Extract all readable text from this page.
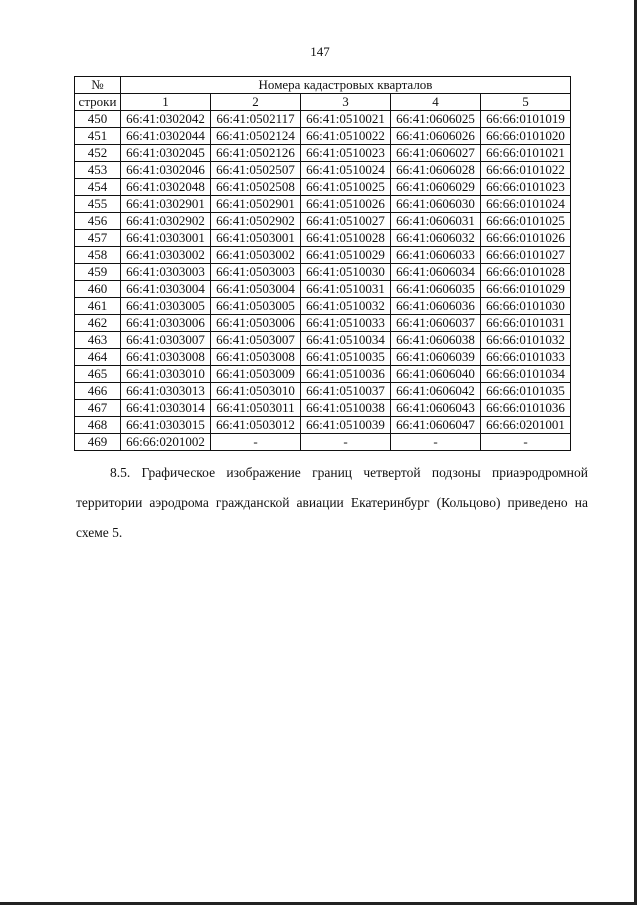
147
№	Номера кадастровых кварталов				
строки	1	2	3	4	5
450	66:41:0302042	66:41:0502117	66:41:0510021	66:41:0606025	66:66:0101019
451	66:41:0302044	66:41:0502124	66:41:0510022	66:41:0606026	66:66:0101020
452	66:41:0302045	66:41:0502126	66:41:0510023	66:41:0606027	66:66:0101021
453	66:41:0302046	66:41:0502507	66:41:0510024	66:41:0606028	66:66:0101022
454	66:41:0302048	66:41:0502508	66:41:0510025	66:41:0606029	66:66:0101023
455	66:41:0302901	66:41:0502901	66:41:0510026	66:41:0606030	66:66:0101024
456	66:41:0302902	66:41:0502902	66:41:0510027	66:41:0606031	66:66:0101025
457	66:41:0303001	66:41:0503001	66:41:0510028	66:41:0606032	66:66:0101026
458	66:41:0303002	66:41:0503002	66:41:0510029	66:41:0606033	66:66:0101027
459	66:41:0303003	66:41:0503003	66:41:0510030	66:41:0606034	66:66:0101028
460	66:41:0303004	66:41:0503004	66:41:0510031	66:41:0606035	66:66:0101029
461	66:41:0303005	66:41:0503005	66:41:0510032	66:41:0606036	66:66:0101030
462	66:41:0303006	66:41:0503006	66:41:0510033	66:41:0606037	66:66:0101031
463	66:41:0303007	66:41:0503007	66:41:0510034	66:41:0606038	66:66:0101032
464	66:41:0303008	66:41:0503008	66:41:0510035	66:41:0606039	66:66:0101033
465	66:41:0303010	66:41:0503009	66:41:0510036	66:41:0606040	66:66:0101034
466	66:41:0303013	66:41:0503010	66:41:0510037	66:41:0606042	66:66:0101035
467	66:41:0303014	66:41:0503011	66:41:0510038	66:41:0606043	66:66:0101036
468	66:41:0303015	66:41:0503012	66:41:0510039	66:41:0606047	66:66:0201001
469	66:66:0201002	-	-	-	-
8.5. Графическое изображение границ четвертой подзоны приаэродромной территории аэродрома гражданской авиации Екатеринбург (Кольцово) приведено на схеме 5.
